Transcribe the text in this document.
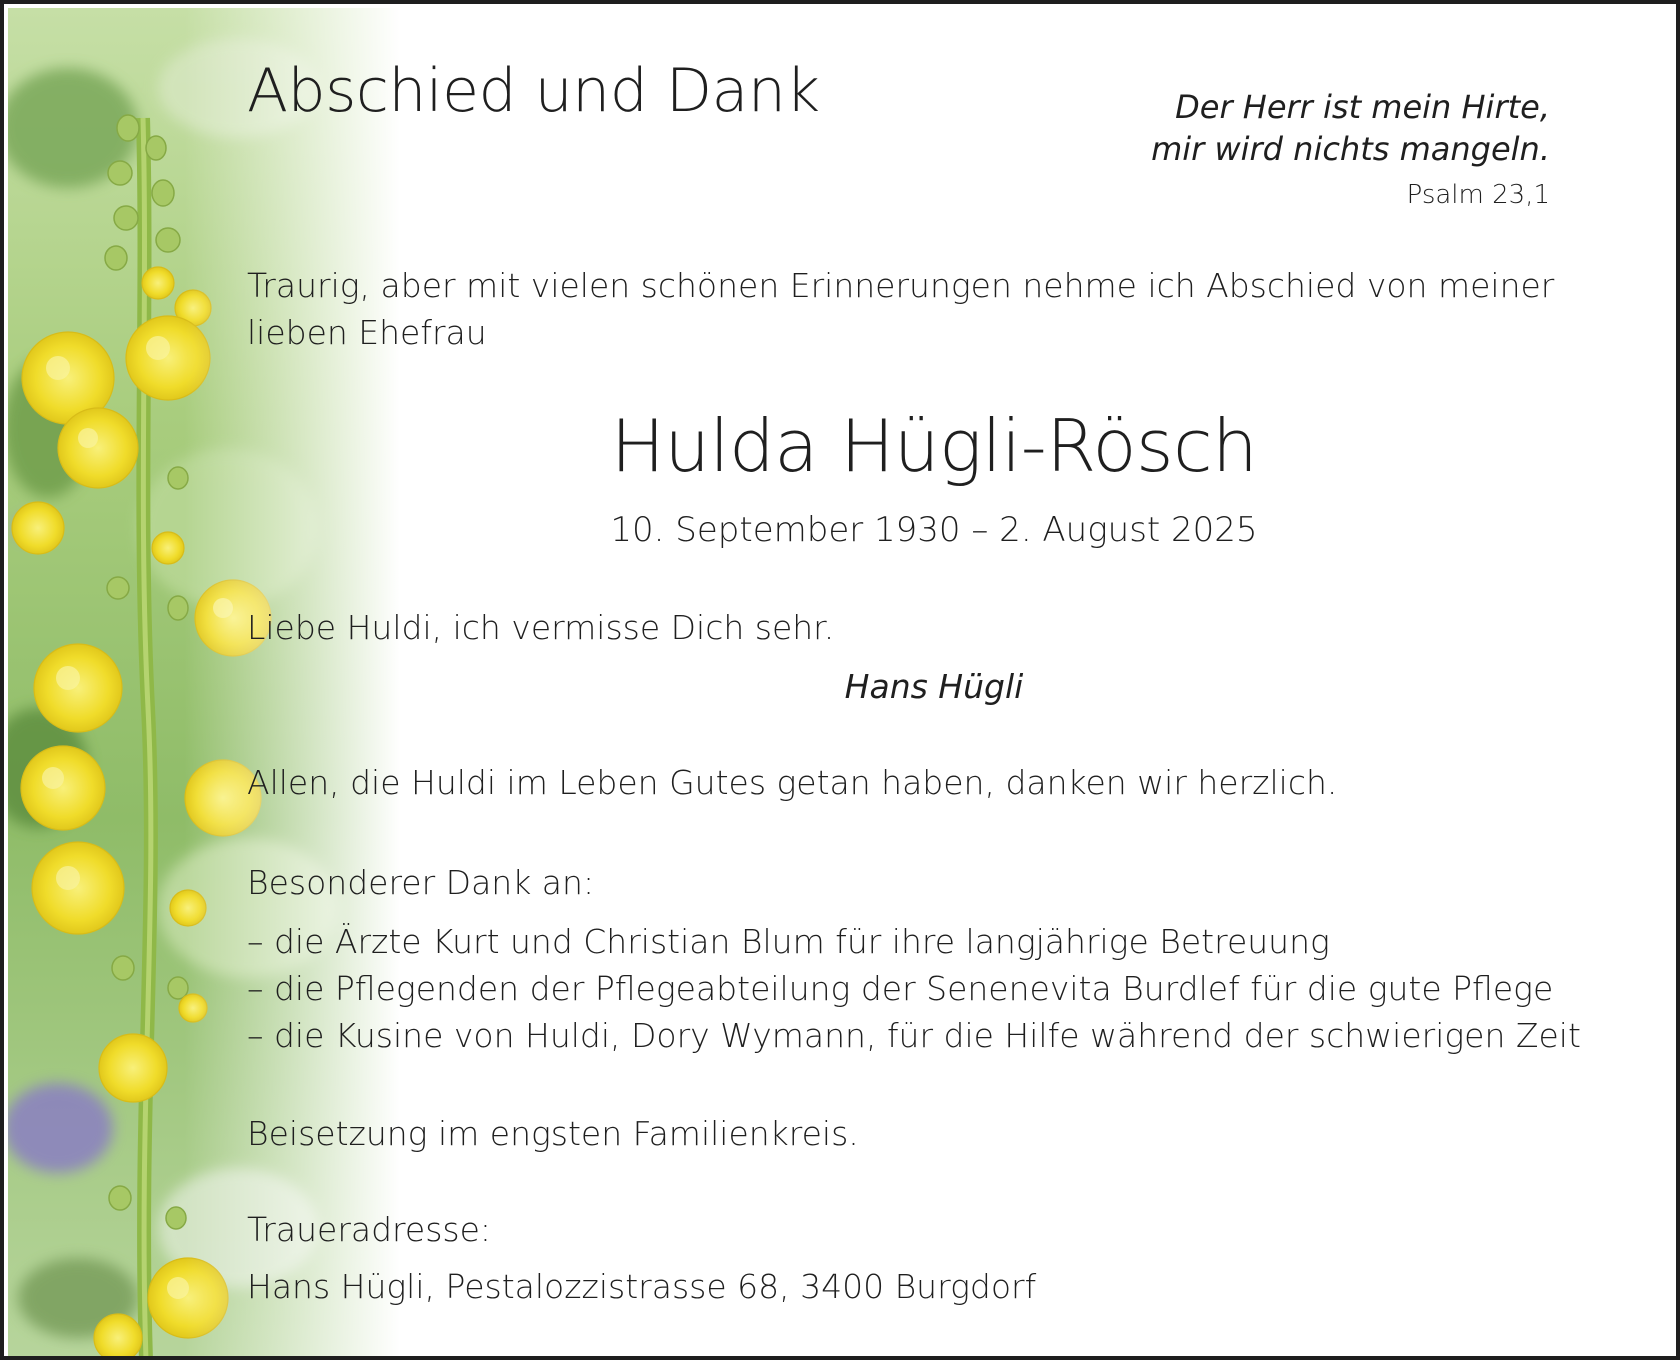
Abschied und Dank	Der Herr ist mein Hirte,
mir wird nichts mangeln.
Psalm 23,1
Traurig, aber mit vielen schönen Erinnerungen nehme ich Abschied von meiner
lieben Ehefrau
Hulda Hügli-Rösch
10. September 1930 – 2. August 2025
Liebe Huldi, ich vermisse Dich sehr.
Hans Hügli
Allen, die Huldi im Leben Gutes getan haben, danken wir herzlich.
Besonderer Dank an:
– die Ärzte Kurt und Christian Blum für ihre langjährige Betreuung
– die Pflegenden der Pflegeabteilung der Senenevita Burdlef für die gute Pflege
– die Kusine von Huldi, Dory Wymann, für die Hilfe während der schwierigen Zeit
Beisetzung im engsten Familienkreis.
Traueradresse:
Hans Hügli, Pestalozzistrasse 68, 3400 Burgdorf
